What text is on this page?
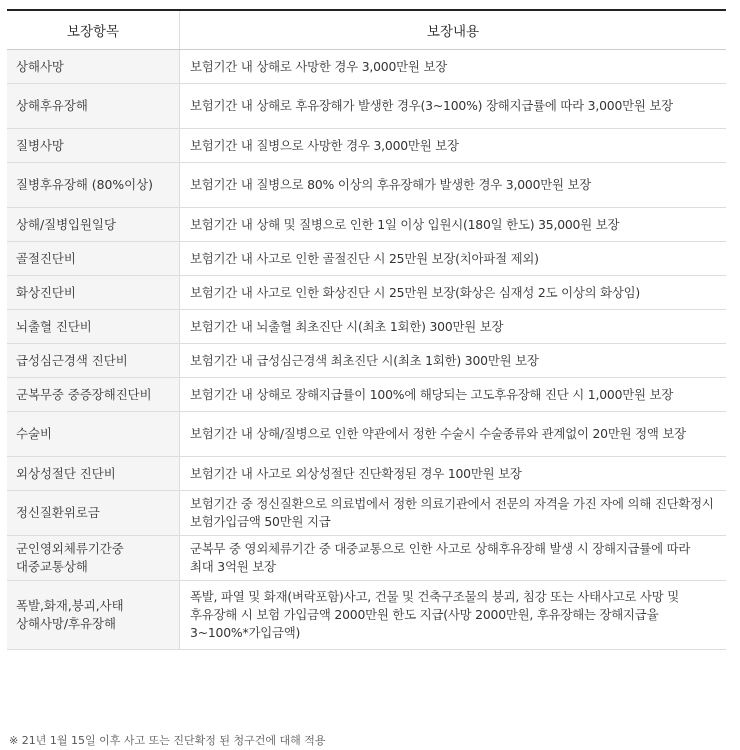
보장항목	보장내용
상해사망	보험기간 내 상해로 사망한 경우 3,000만원 보장
상해후유장해	보험기간 내 상해로 후유장해가 발생한 경우(3~100%) 장해지급률에 따라 3,000만원 보장
질병사망	보험기간 내 질병으로 사망한 경우 3,000만원 보장
질병후유장해 (80%이상)	보험기간 내 질병으로 80% 이상의 후유장해가 발생한 경우 3,000만원 보장
상해/질병입원일당	보험기간 내 상해 및 질병으로 인한 1일 이상 입원시(180일 한도) 35,000원 보장
골절진단비	보험기간 내 사고로 인한 골절진단 시 25만원 보장(치아파절 제외)
화상진단비	보험기간 내 사고로 인한 화상진단 시 25만원 보장(화상은 심재성 2도 이상의 화상임)
뇌출혈 진단비	보험기간 내 뇌출혈 최초진단 시(최초 1회한) 300만원 보장
급성심근경색 진단비	보험기간 내 급성심근경색 최초진단 시(최초 1회한) 300만원 보장
군복무중 중증장해진단비	보험기간 내 상해로 장해지급률이 100%에 해당되는 고도후유장해 진단 시 1,000만원 보장
수술비	보험기간 내 상해/질병으로 인한 약관에서 정한 수술시 수술종류와 관계없이 20만원 정액 보장
외상성절단 진단비	보험기간 내 사고로 외상성절단 진단확정된 경우 100만원 보장
정신질환위로금	보험기간 중 정신질환으로 의료법에서 정한 의료기관에서 전문의 자격을 가진 자에 의해 진단확정시 보험가입금액 50만원 지급
군인영외체류기간중 대중교통상해	군복무 중 영외체류기간 중 대중교통으로 인한 사고로 상해후유장해 발생 시 장해지급률에 따라 최대 3억원 보장
폭발,화재,붕괴,사태 상해사망/후유장해	폭발, 파열 및 화재(벼락포함)사고, 건물 및 건축구조물의 붕괴, 침강 또는 사태사고로 사망 및 후유장해 시 보험 가입금액 2000만원 한도 지급(사망 2000만원, 후유장해는 장해지급율 3~100%*가입금액)
※ 21년 1월 15일 이후 사고 또는 진단확정 된 청구건에 대해 적용
